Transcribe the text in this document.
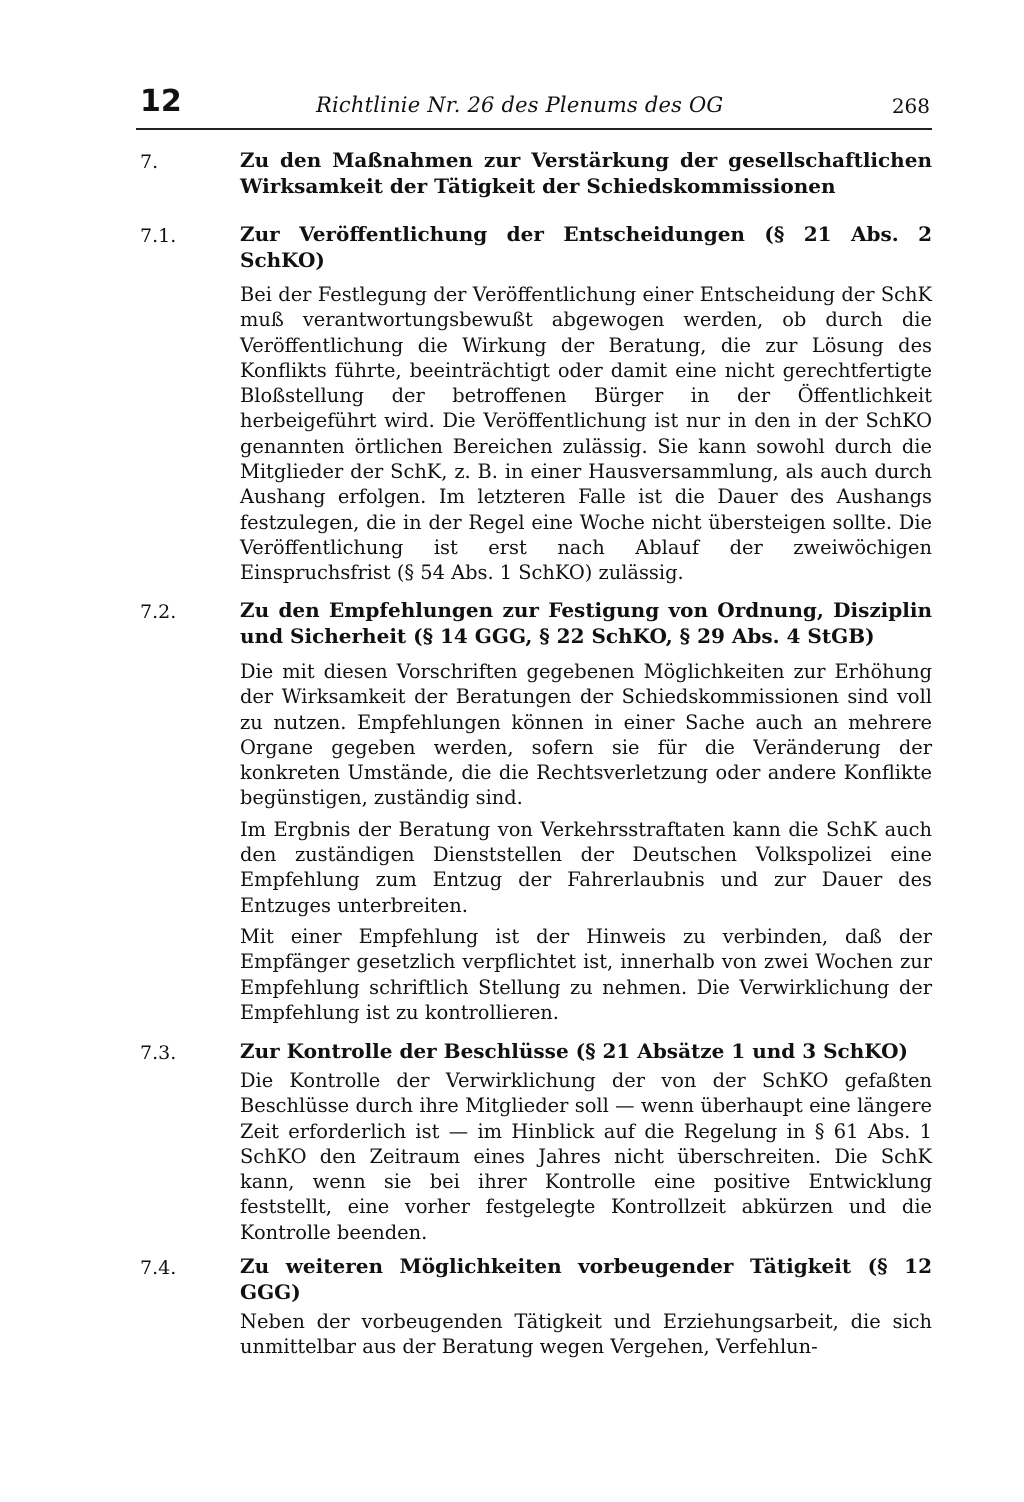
12	Richtlinie Nr. 26 des Plenums des OG	268
7.	Zu den Maßnahmen zur Verstärkung der gesellschaftlichen Wirksamkeit der Tätigkeit der Schiedskommissionen

7.1.	Zur Veröffentlichung der Entscheidungen (§ 21 Abs. 2 SchKO)

Bei der Festlegung der Veröffentlichung einer Entscheidung der SchK muß verantwortungsbewußt abgewogen werden, ob durch die Veröffentlichung die Wirkung der Beratung, die zur Lösung des Konflikts führte, beeinträchtigt oder damit eine nicht gerechtfertigte Bloßstellung der betroffenen Bürger in der Öffentlichkeit herbeigeführt wird. Die Veröffentlichung ist nur in den in der SchKO genannten örtlichen Bereichen zulässig. Sie kann sowohl durch die Mitglieder der SchK, z. B. in einer Hausversammlung, als auch durch Aushang erfolgen. Im letzteren Falle ist die Dauer des Aushangs festzulegen, die in der Regel eine Woche nicht übersteigen sollte. Die Veröffentlichung ist erst nach Ablauf der zweiwöchigen Einspruchsfrist (§ 54 Abs. 1 SchKO) zulässig.

7.2.	Zu den Empfehlungen zur Festigung von Ordnung, Disziplin und Sicherheit (§ 14 GGG, § 22 SchKO, § 29 Abs. 4 StGB)

Die mit diesen Vorschriften gegebenen Möglichkeiten zur Erhöhung der Wirksamkeit der Beratungen der Schiedskommissionen sind voll zu nutzen. Empfehlungen können in einer Sache auch an mehrere Organe gegeben werden, sofern sie für die Veränderung der konkreten Umstände, die die Rechtsverletzung oder andere Konflikte begünstigen, zuständig sind.

Im Ergbnis der Beratung von Verkehrsstraftaten kann die SchK auch den zuständigen Dienststellen der Deutschen Volkspolizei eine Empfehlung zum Entzug der Fahrerlaubnis und zur Dauer des Entzuges unterbreiten.

Mit einer Empfehlung ist der Hinweis zu verbinden, daß der Empfänger gesetzlich verpflichtet ist, innerhalb von zwei Wochen zur Empfehlung schriftlich Stellung zu nehmen. Die Verwirklichung der Empfehlung ist zu kontrollieren.

7.3.	Zur Kontrolle der Beschlüsse (§ 21 Absätze 1 und 3 SchKO)

Die Kontrolle der Verwirklichung der von der SchKO gefaßten Beschlüsse durch ihre Mitglieder soll — wenn überhaupt eine längere Zeit erforderlich ist — im Hinblick auf die Regelung in § 61 Abs. 1 SchKO den Zeitraum eines Jahres nicht überschreiten. Die SchK kann, wenn sie bei ihrer Kontrolle eine positive Entwicklung feststellt, eine vorher festgelegte Kontrollzeit abkürzen und die Kontrolle beenden.

7.4.	Zu weiteren Möglichkeiten vorbeugender Tätigkeit (§ 12 GGG)

Neben der vorbeugenden Tätigkeit und Erziehungsarbeit, die sich unmittelbar aus der Beratung wegen Vergehen, Verfehlun-
